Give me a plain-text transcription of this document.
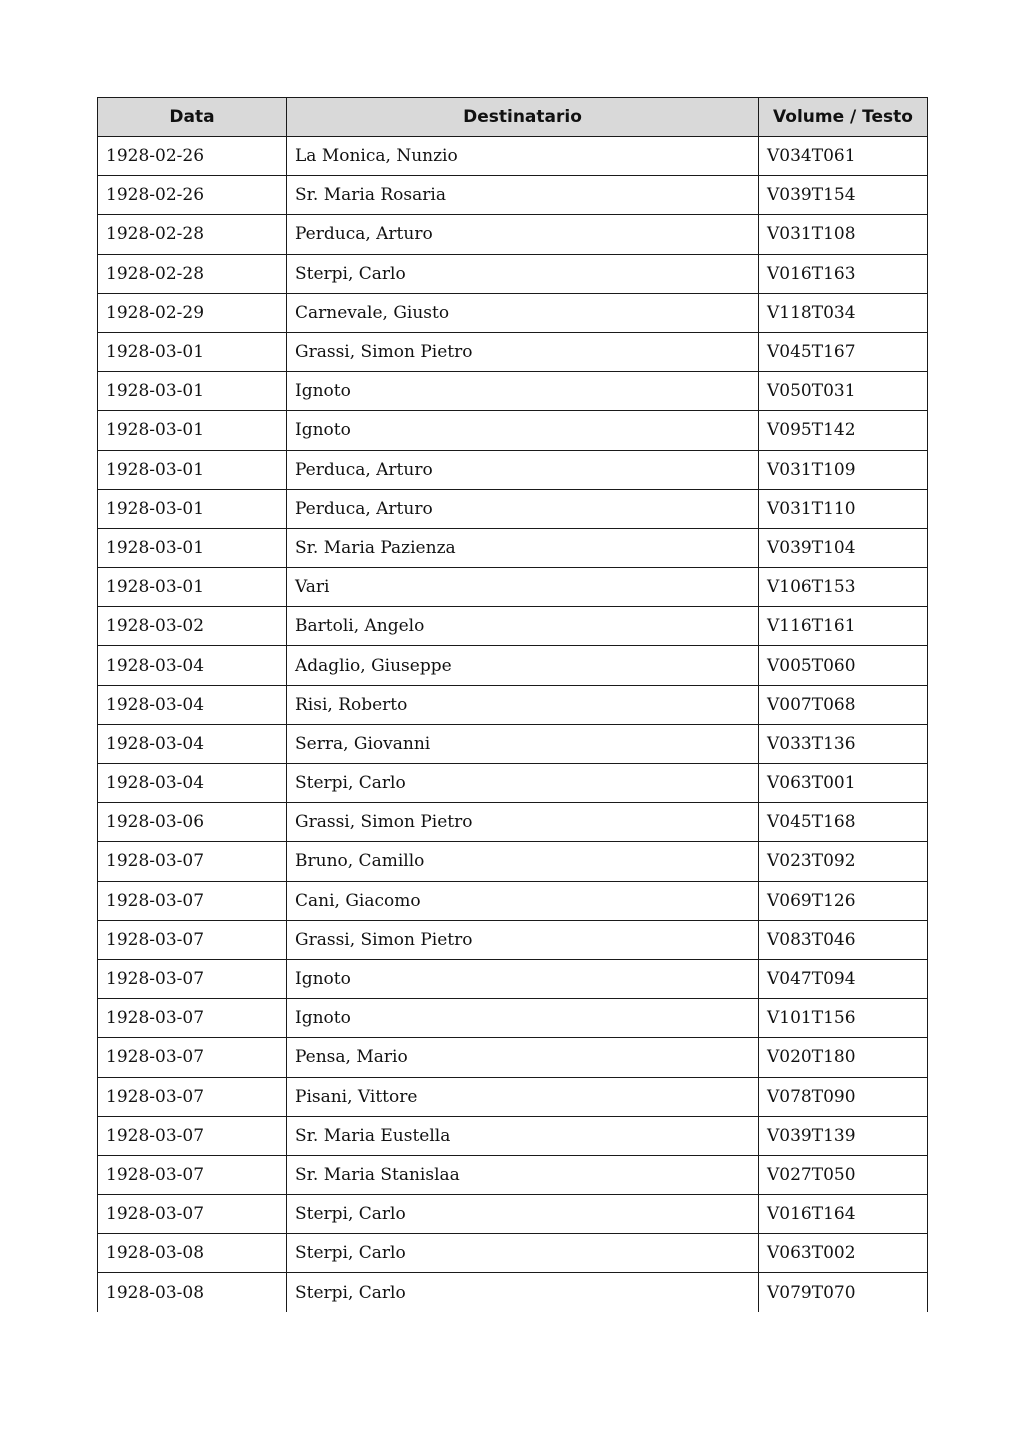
Data	Destinatario	Volume / Testo
1928-02-26	La Monica, Nunzio	V034T061
1928-02-26	Sr. Maria Rosaria	V039T154
1928-02-28	Perduca, Arturo	V031T108
1928-02-28	Sterpi, Carlo	V016T163
1928-02-29	Carnevale, Giusto	V118T034
1928-03-01	Grassi, Simon Pietro	V045T167
1928-03-01	Ignoto	V050T031
1928-03-01	Ignoto	V095T142
1928-03-01	Perduca, Arturo	V031T109
1928-03-01	Perduca, Arturo	V031T110
1928-03-01	Sr. Maria Pazienza	V039T104
1928-03-01	Vari	V106T153
1928-03-02	Bartoli, Angelo	V116T161
1928-03-04	Adaglio, Giuseppe	V005T060
1928-03-04	Risi, Roberto	V007T068
1928-03-04	Serra, Giovanni	V033T136
1928-03-04	Sterpi, Carlo	V063T001
1928-03-06	Grassi, Simon Pietro	V045T168
1928-03-07	Bruno, Camillo	V023T092
1928-03-07	Cani, Giacomo	V069T126
1928-03-07	Grassi, Simon Pietro	V083T046
1928-03-07	Ignoto	V047T094
1928-03-07	Ignoto	V101T156
1928-03-07	Pensa, Mario	V020T180
1928-03-07	Pisani, Vittore	V078T090
1928-03-07	Sr. Maria Eustella	V039T139
1928-03-07	Sr. Maria Stanislaa	V027T050
1928-03-07	Sterpi, Carlo	V016T164
1928-03-08	Sterpi, Carlo	V063T002
1928-03-08	Sterpi, Carlo	V079T070
